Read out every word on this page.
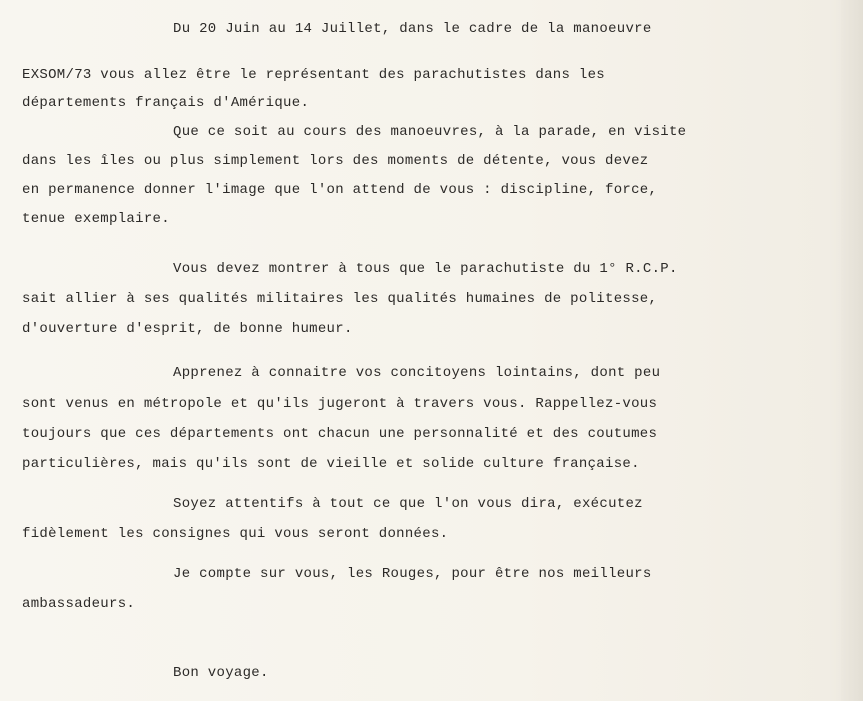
Du 20 Juin au 14 Juillet, dans le cadre de la manoeuvre
EXSOM/73 vous allez être le représentant des parachutistes dans les
départements français d'Amérique.
Que ce soit au cours des manoeuvres, à la parade, en visite
dans les îles ou plus simplement lors des moments de détente, vous devez
en permanence donner l'image que l'on attend de vous : discipline, force,
tenue exemplaire.
Vous devez montrer à tous que le parachutiste du 1° R.C.P.
sait allier à ses qualités militaires les qualités humaines de politesse,
d'ouverture d'esprit, de bonne humeur.
Apprenez à connaitre vos concitoyens lointains, dont peu
sont venus en métropole et qu'ils jugeront à travers vous. Rappellez-vous
toujours que ces départements ont chacun une personnalité et des coutumes
particulières, mais qu'ils sont de vieille et solide culture française.
Soyez attentifs à tout ce que l'on vous dira, exécutez
fidèlement les consignes qui vous seront données.
Je compte sur vous, les Rouges, pour être nos meilleurs
ambassadeurs.
Bon voyage.
